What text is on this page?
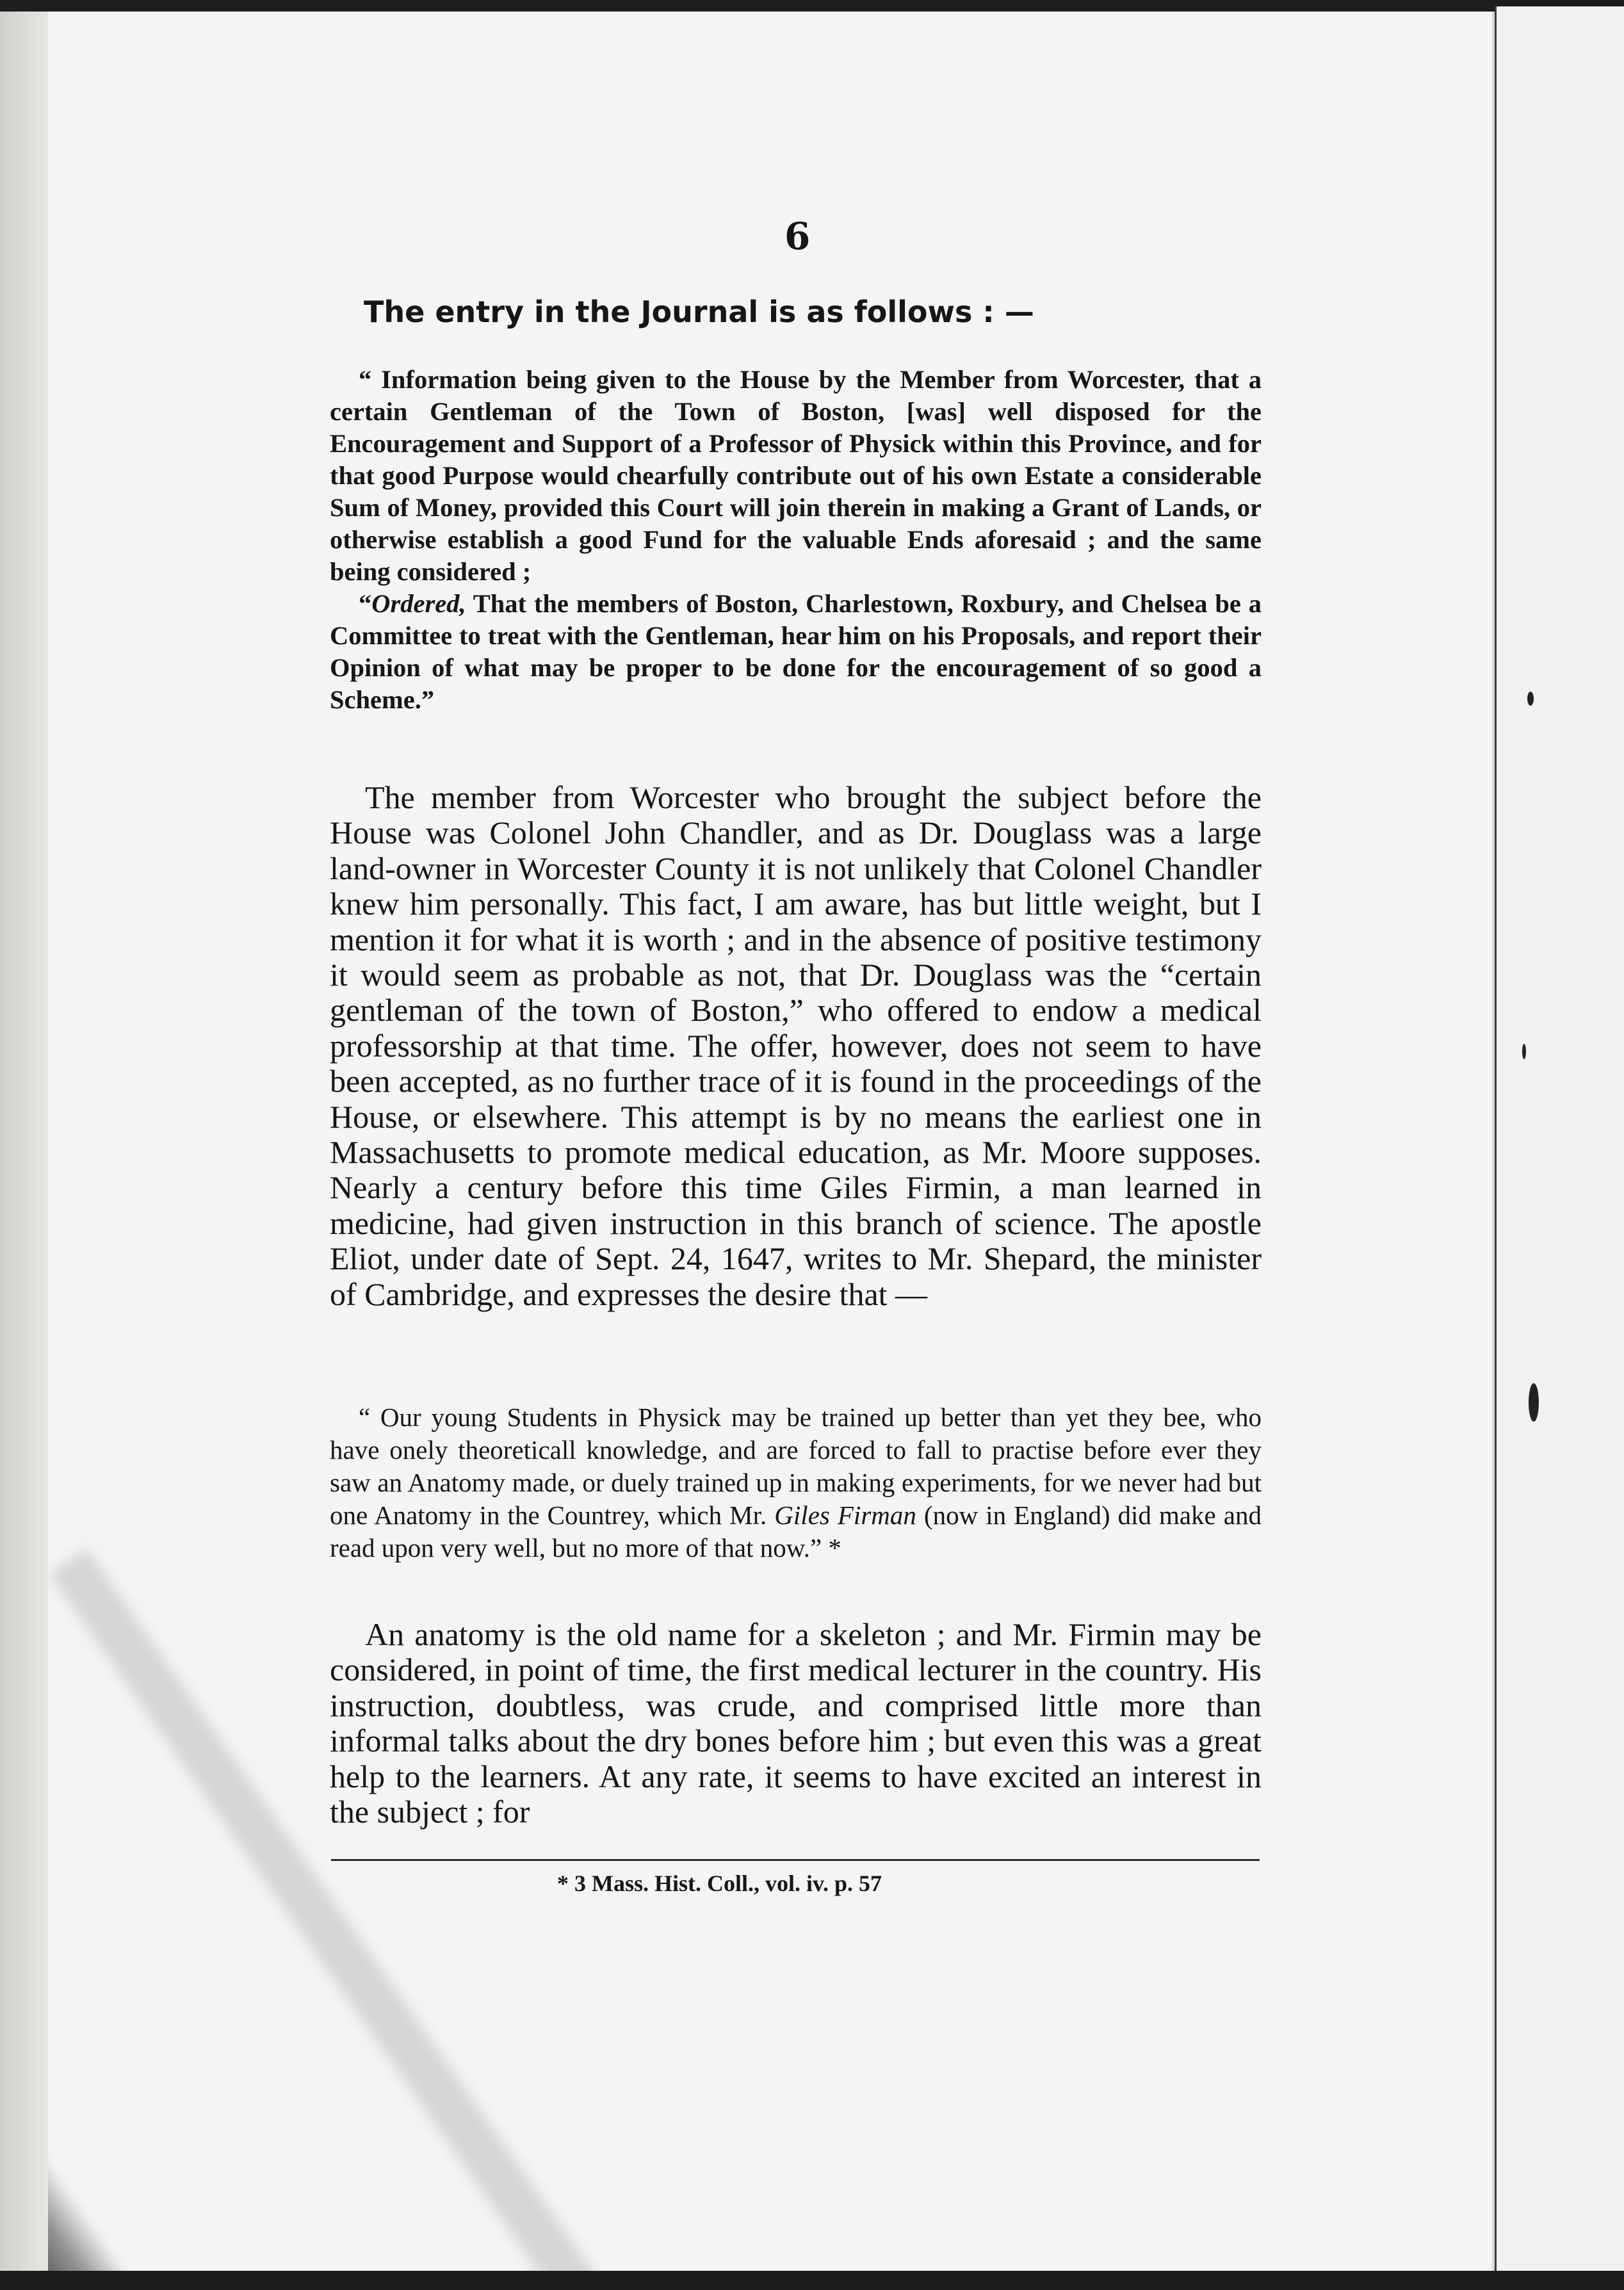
6
The entry in the Journal is as follows : —

“ Information being given to the House by the Member from Worcester, that a certain Gentleman of the Town of Boston, [was] well disposed for the Encouragement and Support of a Professor of Physick within this Province, and for that good Purpose would chearfully contribute out of his own Estate a considerable Sum of Money, provided this Court will join therein in making a Grant of Lands, or otherwise establish a good Fund for the valuable Ends aforesaid ; and the same being considered ;

“Ordered, That the members of Boston, Charlestown, Roxbury, and Chelsea be a Committee to treat with the Gentleman, hear him on his Proposals, and report their Opinion of what may be proper to be done for the encouragement of so good a Scheme.”

The member from Worcester who brought the subject before the House was Colonel John Chandler, and as Dr. Douglass was a large land-owner in Worcester County it is not unlikely that Colonel Chandler knew him personally. This fact, I am aware, has but little weight, but I mention it for what it is worth ; and in the absence of positive testimony it would seem as probable as not, that Dr. Douglass was the “certain gentleman of the town of Boston,” who offered to endow a medical professorship at that time. The offer, however, does not seem to have been accepted, as no further trace of it is found in the proceedings of the House, or elsewhere. This attempt is by no means the earliest one in Massachusetts to promote medical education, as Mr. Moore supposes. Nearly a century before this time Giles Firmin, a man learned in medicine, had given instruction in this branch of science. The apostle Eliot, under date of Sept. 24, 1647, writes to Mr. Shepard, the minister of Cambridge, and expresses the desire that —

“ Our young Students in Physick may be trained up better than yet they bee, who have onely theoreticall knowledge, and are forced to fall to practise before ever they saw an Anatomy made, or duely trained up in making experiments, for we never had but one Anatomy in the Countrey, which Mr. Giles Firman (now in England) did make and read upon very well, but no more of that now.” *

An anatomy is the old name for a skeleton ; and Mr. Firmin may be considered, in point of time, the first medical lecturer in the country. His instruction, doubtless, was crude, and comprised little more than informal talks about the dry bones before him ; but even this was a great help to the learners. At any rate, it seems to have excited an interest in the subject ; for

* 3 Mass. Hist. Coll., vol. iv. p. 57
